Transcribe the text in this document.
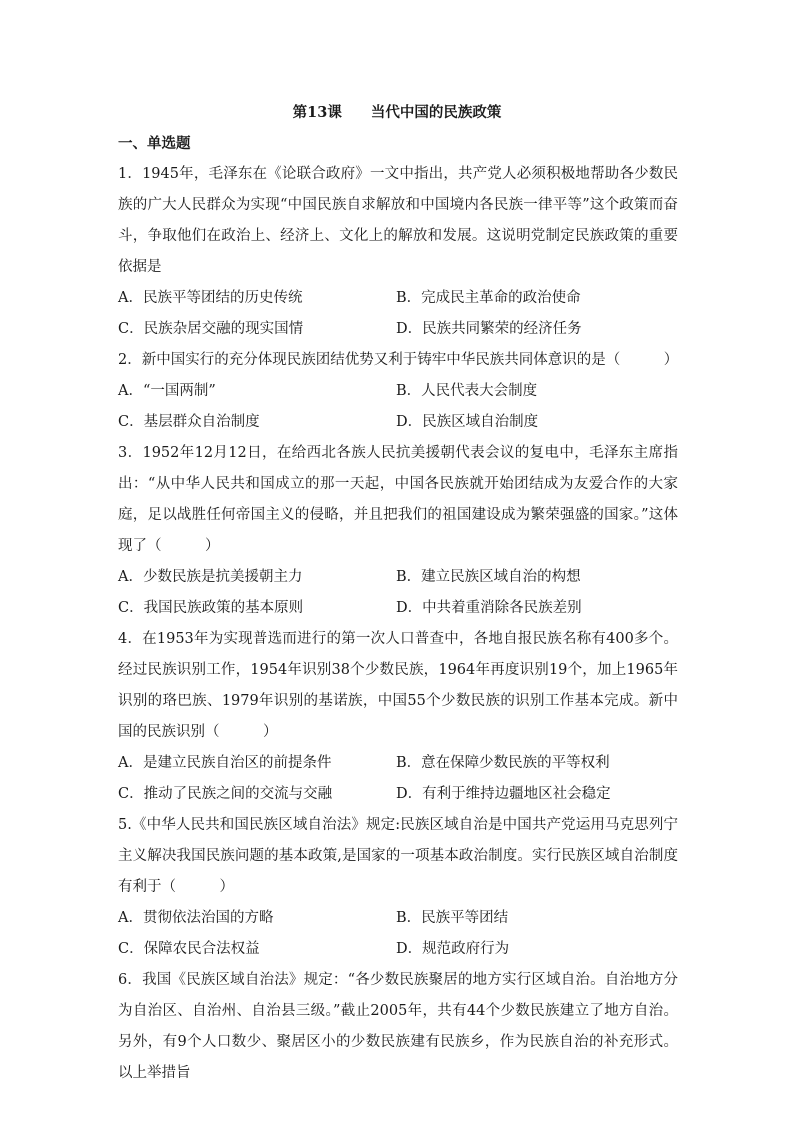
第13课　　当代中国的民族政策
一、单选题

1．1945年，毛泽东在《论联合政府》一文中指出，共产党人必须积极地帮助各少数民族的广大人民群众为实现“中国民族自求解放和中国境内各民族一律平等”这个政策而奋斗，争取他们在政治上、经济上、文化上的解放和发展。这说明党制定民族政策的重要依据是

A．民族平等团结的历史传统	B．完成民主革命的政治使命
C．民族杂居交融的现实国情	D．民族共同繁荣的经济任务

2．新中国实行的充分体现民族团结优势又利于铸牢中华民族共同体意识的是（　　　）

A．“一国两制”	B．人民代表大会制度
C．基层群众自治制度	D．民族区域自治制度

3．1952年12月12日，在给西北各族人民抗美援朝代表会议的复电中，毛泽东主席指出：“从中华人民共和国成立的那一天起，中国各民族就开始团结成为友爱合作的大家庭，足以战胜任何帝国主义的侵略，并且把我们的祖国建设成为繁荣强盛的国家。”这体现了（　　　）

A．少数民族是抗美援朝主力	B．建立民族区域自治的构想
C．我国民族政策的基本原则	D．中共着重消除各民族差别

4．在1953年为实现普选而进行的第一次人口普查中，各地自报民族名称有400多个。经过民族识别工作，1954年识别38个少数民族，1964年再度识别19个，加上1965年识别的珞巴族、1979年识别的基诺族，中国55个少数民族的识别工作基本完成。新中国的民族识别（　　　）

A．是建立民族自治区的前提条件	B．意在保障少数民族的平等权利
C．推动了民族之间的交流与交融	D．有利于维持边疆地区社会稳定

5.《中华人民共和国民族区域自治法》规定:民族区域自治是中国共产党运用马克思列宁主义解决我国民族问题的基本政策,是国家的一项基本政治制度。实行民族区域自治制度有利于（　　　）

A．贯彻依法治国的方略	B．民族平等团结
C．保障农民合法权益	D．规范政府行为

6．我国《民族区域自治法》规定：“各少数民族聚居的地方实行区域自治。自治地方分为自治区、自治州、自治县三级。”截止2005年，共有44个少数民族建立了地方自治。另外，有9个人口数少、聚居区小的少数民族建有民族乡，作为民族自治的补充形式。以上举措旨
